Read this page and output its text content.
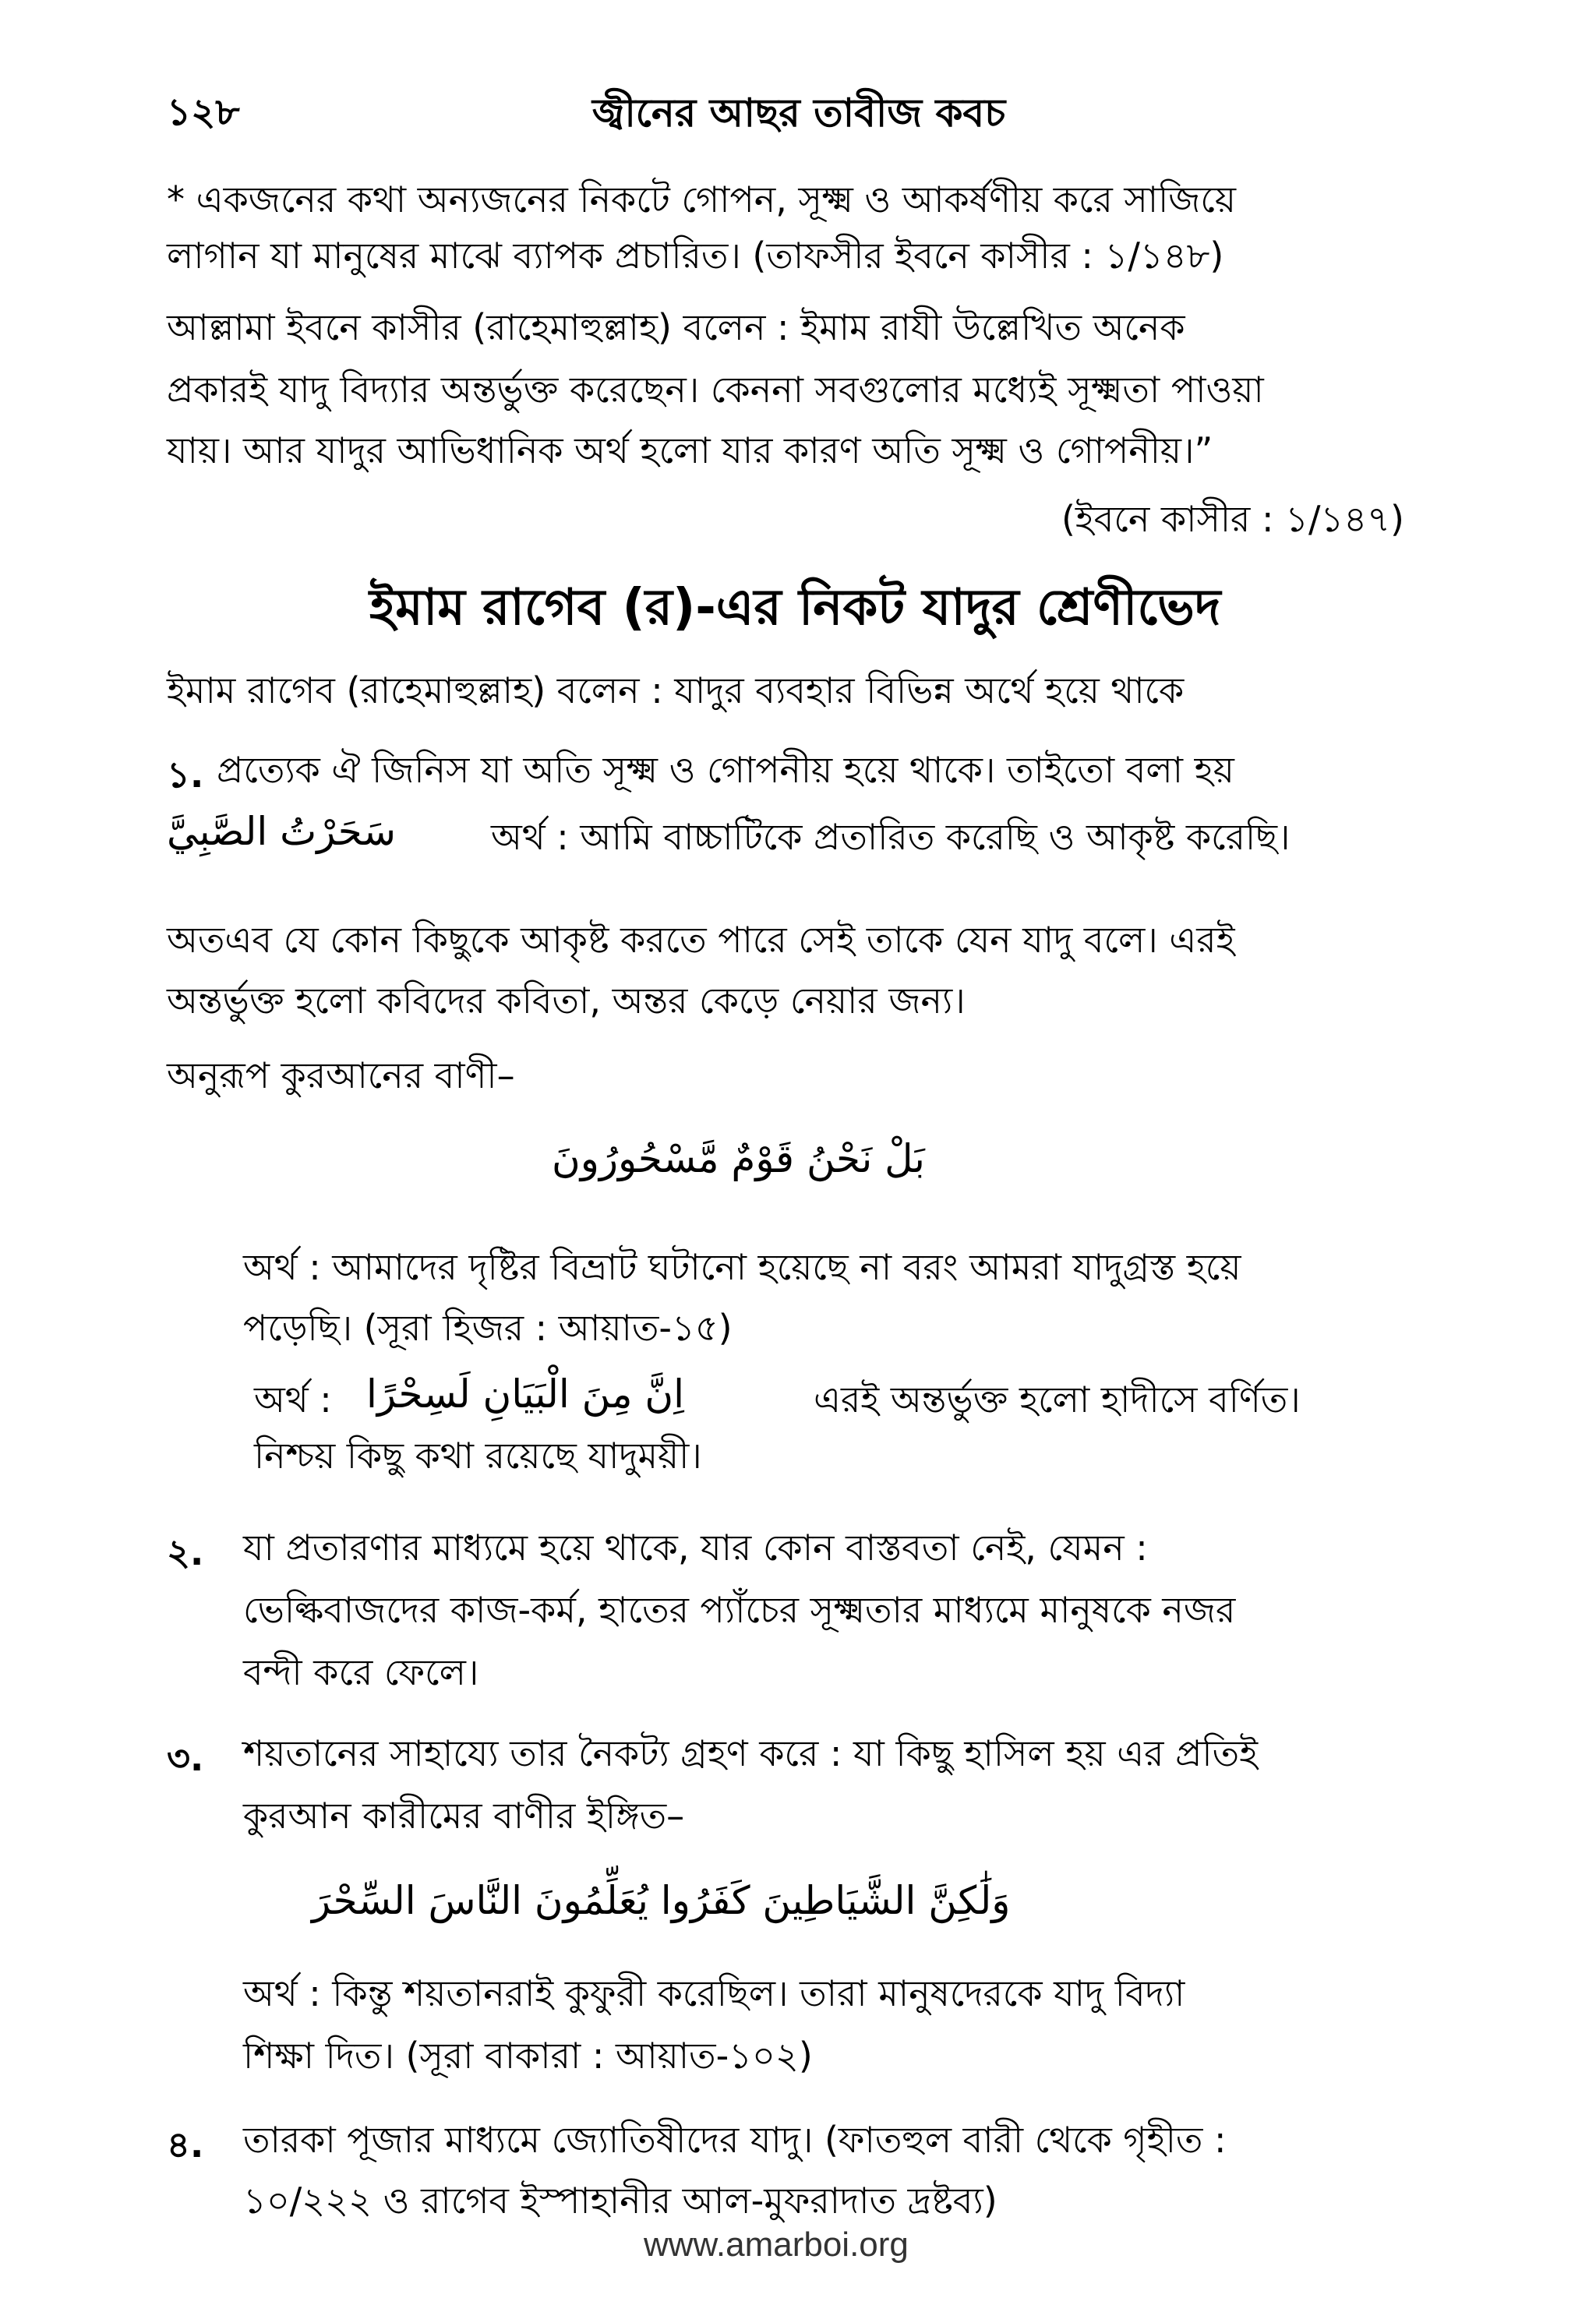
১২৮	জ্বীনের আছর তাবীজ কবচ
* একজনের কথা অন্যজনের নিকটে গোপন, সূক্ষ্ম ও আকর্ষণীয় করে সাজিয়ে
লাগান যা মানুষের মাঝে ব্যাপক প্রচারিত। (তাফসীর ইবনে কাসীর : ১/১৪৮)
আল্লামা ইবনে কাসীর (রাহেমাহুল্লাহ) বলেন : ইমাম রাযী উল্লেখিত অনেক
প্রকারই যাদু বিদ্যার অন্তর্ভুক্ত করেছেন। কেননা সবগুলোর মধ্যেই সূক্ষ্মতা পাওয়া
যায়। আর যাদুর আভিধানিক অর্থ হলো যার কারণ অতি সূক্ষ্ম ও গোপনীয়।”
(ইবনে কাসীর : ১/১৪৭)
ইমাম রাগেব (র)-এর নিকট যাদুর শ্রেণীভেদ
ইমাম রাগেব (রাহেমাহুল্লাহ) বলেন : যাদুর ব্যবহার বিভিন্ন অর্থে হয়ে থাকে
১. প্রত্যেক ঐ জিনিস যা অতি সূক্ষ্ম ও গোপনীয় হয়ে থাকে। তাইতো বলা হয়
سَحَرْتُ الصَّبِيَّ	অর্থ : আমি বাচ্চাটিকে প্রতারিত করেছি ও আকৃষ্ট করেছি।
অতএব যে কোন কিছুকে আকৃষ্ট করতে পারে সেই তাকে যেন যাদু বলে। এরই
অন্তর্ভুক্ত হলো কবিদের কবিতা, অন্তর কেড়ে নেয়ার জন্য।
অনুরূপ কুরআনের বাণী–
بَلْ نَحْنُ قَوْمٌ مَّسْحُورُونَ
অর্থ : আমাদের দৃষ্টির বিভ্রাট ঘটানো হয়েছে না বরং আমরা যাদুগ্রস্ত হয়ে
পড়েছি। (সূরা হিজর : আয়াত-১৫)
অর্থ : اِنَّ مِنَ الْبَيَانِ لَسِحْرًا	এরই অন্তর্ভুক্ত হলো হাদীসে বর্ণিত।
নিশ্চয় কিছু কথা রয়েছে যাদুময়ী।
২. যা প্রতারণার মাধ্যমে হয়ে থাকে, যার কোন বাস্তবতা নেই, যেমন :
ভেল্কিবাজদের কাজ-কর্ম, হাতের প্যাঁচের সূক্ষ্মতার মাধ্যমে মানুষকে নজর
বন্দী করে ফেলে।
৩. শয়তানের সাহায্যে তার নৈকট্য গ্রহণ করে : যা কিছু হাসিল হয় এর প্রতিই
কুরআন কারীমের বাণীর ইঙ্গিত–
وَلَٰكِنَّ الشَّيَاطِينَ كَفَرُوا يُعَلِّمُونَ النَّاسَ السِّحْرَ
অর্থ : কিন্তু শয়তানরাই কুফুরী করেছিল। তারা মানুষদেরকে যাদু বিদ্যা
শিক্ষা দিত। (সূরা বাকারা : আয়াত-১০২)
৪. তারকা পূজার মাধ্যমে জ্যোতিষীদের যাদু। (ফাতহুল বারী থেকে গৃহীত :
১০/২২২ ও রাগেব ইস্পাহানীর আল-মুফরাদাত দ্রষ্টব্য)
www.amarboi.org
